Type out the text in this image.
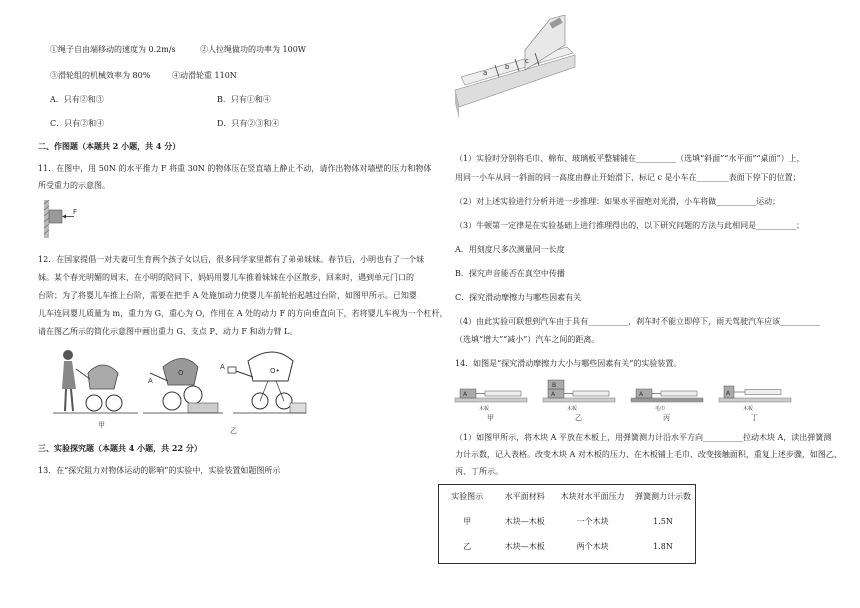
①绳子自由端移动的速度为 0.2m/s	②人拉绳做功的功率为 100W
③滑轮组的机械效率为 80%	④动滑轮重 110N
A．只有②和③	B．只有①和④
C．只有②和④	D．只有②③和④
二、作图题（本题共 2 小题，共 4 分）
11．在图中，用 50N 的水平推力 F 将重 30N 的物体压在竖直墙上静止不动，请作出物体对墙壁的压力和物体
所受重力的示意图。
F
12．在国家提倡一对夫妻可生育两个孩子女以后，很多同学家里都有了弟弟妹妹。春节后，小明也有了一个妹
妹。某个春光明媚的周末，在小明的陪同下，妈妈用婴儿车推着妹妹在小区散步，回来时，遇到单元门口的
台阶；为了将婴儿车推上台阶，需要在把手 A 处施加动力使婴儿车前轮抬起越过台阶，如图甲所示。已知婴
儿车连同婴儿质量为 m，重力为 G，重心为 O，作用在 A 处的动力 F 的方向垂直向下，若将婴儿车视为一个杠杆，
请在图乙所示的简化示意图中画出重力 G、支点 P、动力 F 和动力臂 L。
甲
A
O
A	O•
乙
三、实验探究题（本题共 4 小题，共 22 分）
13．在“探究阻力对物体运动的影响”的实验中，实验装置如题图所示
a
b
c
（1）实验时分别将毛巾、棉布、玻璃板平整辅铺在__________（选填“斜面”“水平面”“桌面”）上，
用同一小车从同一斜面的同一高度由静止开始滑下，标记 c 是小车在________表面下停下的位置；
（2）对上述实验进行分析并进一步推理：如果水平面绝对光滑，小车将做__________运动；
（3）牛顿第一定律是在实验基础上进行推理得出的，以下研究问题的方法与此相同是__________；
A．用刻度尺多次测量同一长度
B．探究声音能否在真空中传播
C．探究滑动摩擦力与哪些因素有关
（4）由此实验可联想到汽车由于具有__________，刹车时不能立即停下，雨天驾驶汽车应该__________
（选填“增大”“减小”）汽车之间的距离。
14．如图是“探究滑动摩擦力大小与哪些因素有关”的实验装置。
A
木板
甲
A
B
木板
乙
A
毛巾
丙
A
木板
丁
（1）如图甲所示，将木块 A 平放在木板上，用弹簧测力计沿水平方向__________拉动木块 A，读出弹簧测
力计示数，记入表格。改变木块 A 对木板的压力、在木板铺上毛巾、改变接触面积，重复上述步骤，如图乙、
丙、丁所示。
实验图示	水平面材料	木块对水平面压力	弹簧测力计示数
甲	木块—木板	一个木块	1.5N
乙	木块—木板	两个木块	1.8N
